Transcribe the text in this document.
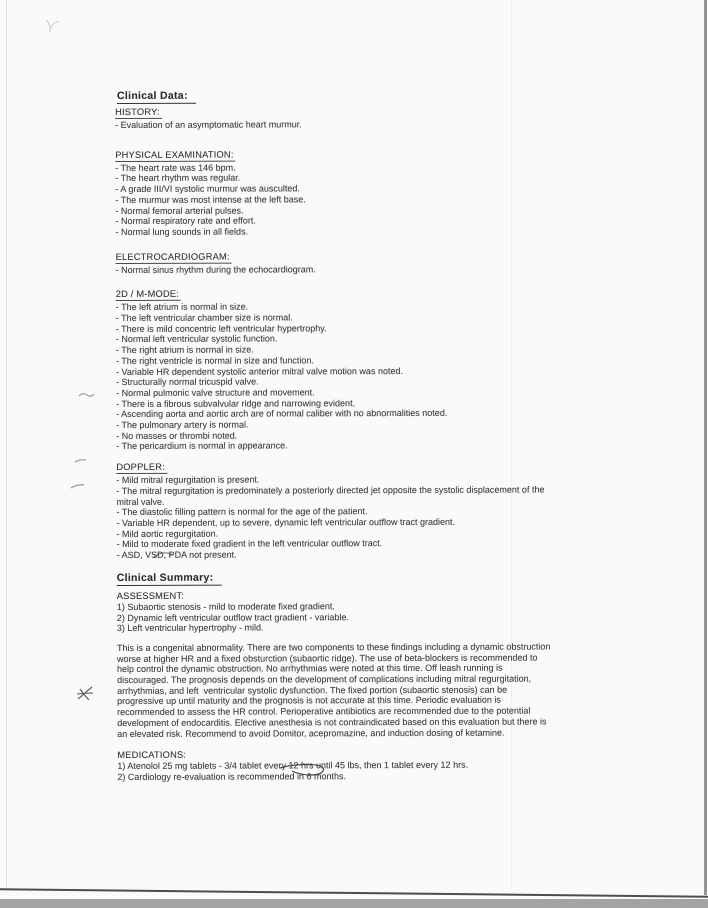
Clinical Data:
HISTORY:
- Evaluation of an asymptomatic heart murmur.
PHYSICAL EXAMINATION:
- The heart rate was 146 bpm.
- The heart rhythm was regular.
- A grade III/VI systolic murmur was ausculted.
- The murmur was most intense at the left base.
- Normal femoral arterial pulses.
- Normal respiratory rate and effort.
- Normal lung sounds in all fields.
ELECTROCARDIOGRAM:
- Normal sinus rhythm during the echocardiogram.
2D / M-MODE:
- The left atrium is normal in size.
- The left ventricular chamber size is normal.
- There is mild concentric left ventricular hypertrophy.
- Normal left ventricular systolic function.
- The right atrium is normal in size.
- The right ventricle is normal in size and function.
- Variable HR dependent systolic anterior mitral valve motion was noted.
- Structurally normal tricuspid valve.
- Normal pulmonic valve structure and movement.
- There is a fibrous subvalvular ridge and narrowing evident.
- Ascending aorta and aortic arch are of normal caliber with no abnormalities noted.
- The pulmonary artery is normal.
- No masses or thrombi noted.
- The pericardium is normal in appearance.
DOPPLER:
- Mild mitral regurgitation is present.
- The mitral regurgitation is predominately a posteriorly directed jet opposite the systolic displacement of the
mitral valve.
- The diastolic filling pattern is normal for the age of the patient.
- Variable HR dependent, up to severe, dynamic left ventricular outflow tract gradient.
- Mild aortic regurgitation.
- Mild to moderate fixed gradient in the left ventricular outflow tract.
- ASD, VSD, PDA not present.
Clinical Summary:
ASSESSMENT:
1) Subaortic stenosis - mild to moderate fixed gradient.
2) Dynamic left ventricular outflow tract gradient - variable.
3) Left ventricular hypertrophy - mild.
This is a congenital abnormality. There are two components to these findings including a dynamic obstruction
worse at higher HR and a fixed obsturction (subaortic ridge). The use of beta-blockers is recommended to
help control the dynamic obstruction. No arrhythmias were noted at this time. Off leash running is
discouraged. The prognosis depends on the development of complications including mitral regurgitation,
arrhythmias, and left  ventricular systolic dysfunction. The fixed portion (subaortic stenosis) can be
progressive up until maturity and the prognosis is not accurate at this time. Periodic evaluation is
recommended to assess the HR control. Perioperative antibiotics are recommended due to the potential
development of endocarditis. Elective anesthesia is not contraindicated based on this evaluation but there is
an elevated risk. Recommend to avoid Domitor, acepromazine, and induction dosing of ketamine.
MEDICATIONS:
1) Atenolol 25 mg tablets - 3/4 tablet every 12 hrs until 45 lbs, then 1 tablet every 12 hrs.
2) Cardiology re-evaluation is recommended in 6 months.
